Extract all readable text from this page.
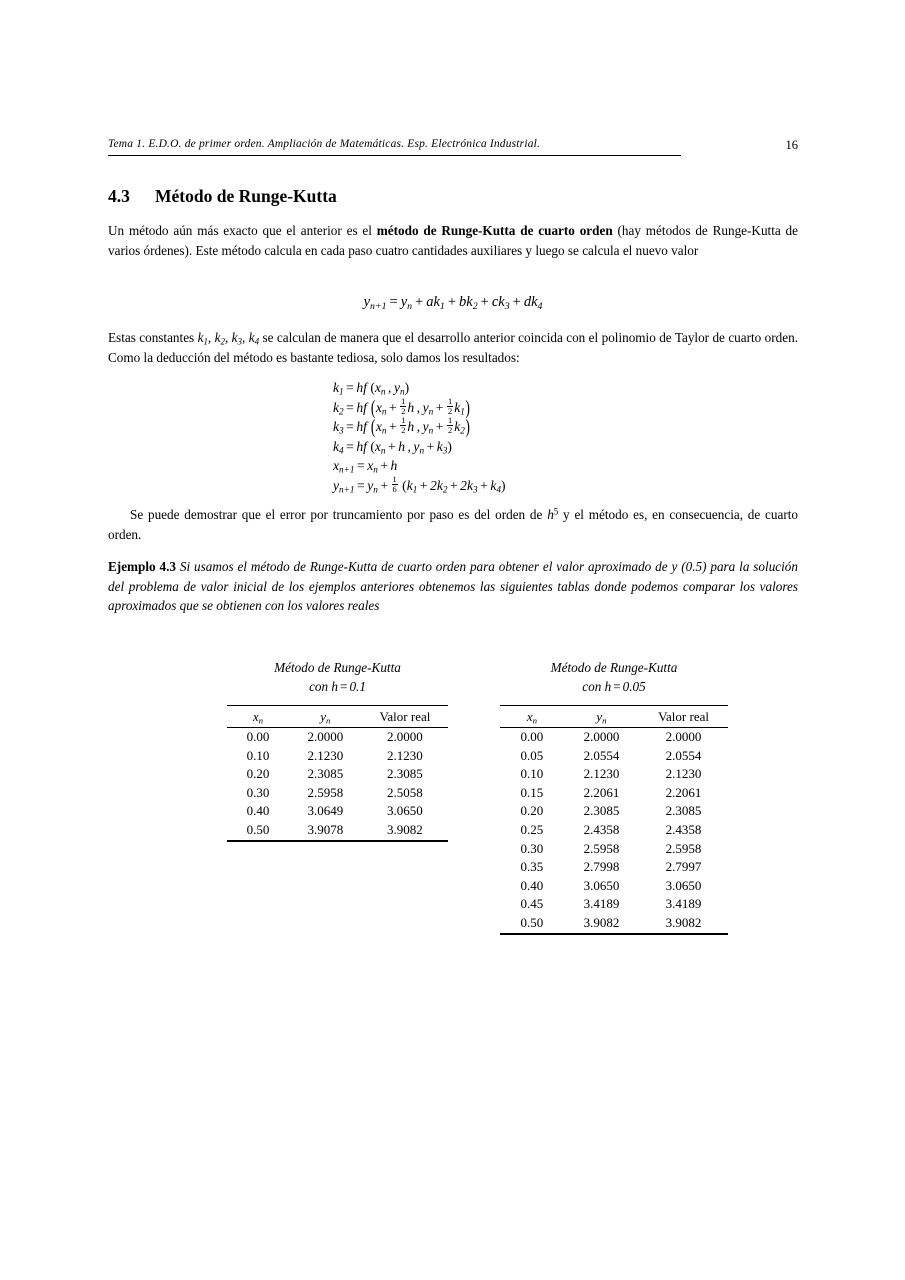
Tema 1. E.D.O. de primer orden. Ampliación de Matemáticas. Esp. Electrónica Industrial.	16
4.3 Método de Runge-Kutta
Un método aún más exacto que el anterior es el método de Runge-Kutta de cuarto orden (hay métodos de Runge-Kutta de varios órdenes). Este método calcula en cada paso cuatro cantidades auxiliares y luego se calcula el nuevo valor
$y_{n+1} = y_n + ak_1 + bk_2 + ck_3 + dk_4$
Estas constantes $k_1$, $k_2$, $k_3$, $k_4$ se calculan de manera que el desarrollo anterior coincida con el polinomio de Taylor de cuarto orden. Como la deducción del método es bastante tediosa, solo damos los resultados:
$k_1$ = hf ($x_n$ , $y_n$)
$k_2$ = hf ($x_n + \frac{1}{2}$ h , $y_n + \frac{1}{2} k_1$)
$k_3$ = hf ($x_n + \frac{1}{2}$ h , $y_n + \frac{1}{2} k_2$)
$k_4$ = hf ($x_n + h$ , $y_n + k_3$)
$x_{n+1} = x_n + h$
$y_{n+1} = y_n + \frac{1}{6} (k_1 + 2k_2 + 2k_3 + k_4)$
Se puede demostrar que el error por truncamiento por paso es del orden de $h^5$ y el método es, en consecuencia, de cuarto orden.
Ejemplo 4.3 Si usamos el método de Runge-Kutta de cuarto orden para obtener el valor aproximado de y (0.5) para la solución del problema de valor inicial de los ejemplos anteriores obtenemos las siguientes tablas donde podemos comparar los valores aproximados que se obtienen con los valores reales
Método de Runge-Kutta
con h = 0.1
$x_n$	$y_n$	Valor real
0.00	2.0000	2.0000
0.10	2.1230	2.1230
0.20	2.3085	2.3085
0.30	2.5958	2.5058
0.40	3.0649	3.0650
0.50	3.9078	3.9082
Método de Runge-Kutta
con h = 0.05
$x_n$	$y_n$	Valor real
0.00	2.0000	2.0000
0.05	2.0554	2.0554
0.10	2.1230	2.1230
0.15	2.2061	2.2061
0.20	2.3085	2.3085
0.25	2.4358	2.4358
0.30	2.5958	2.5958
0.35	2.7998	2.7997
0.40	3.0650	3.0650
0.45	3.4189	3.4189
0.50	3.9082	3.9082
